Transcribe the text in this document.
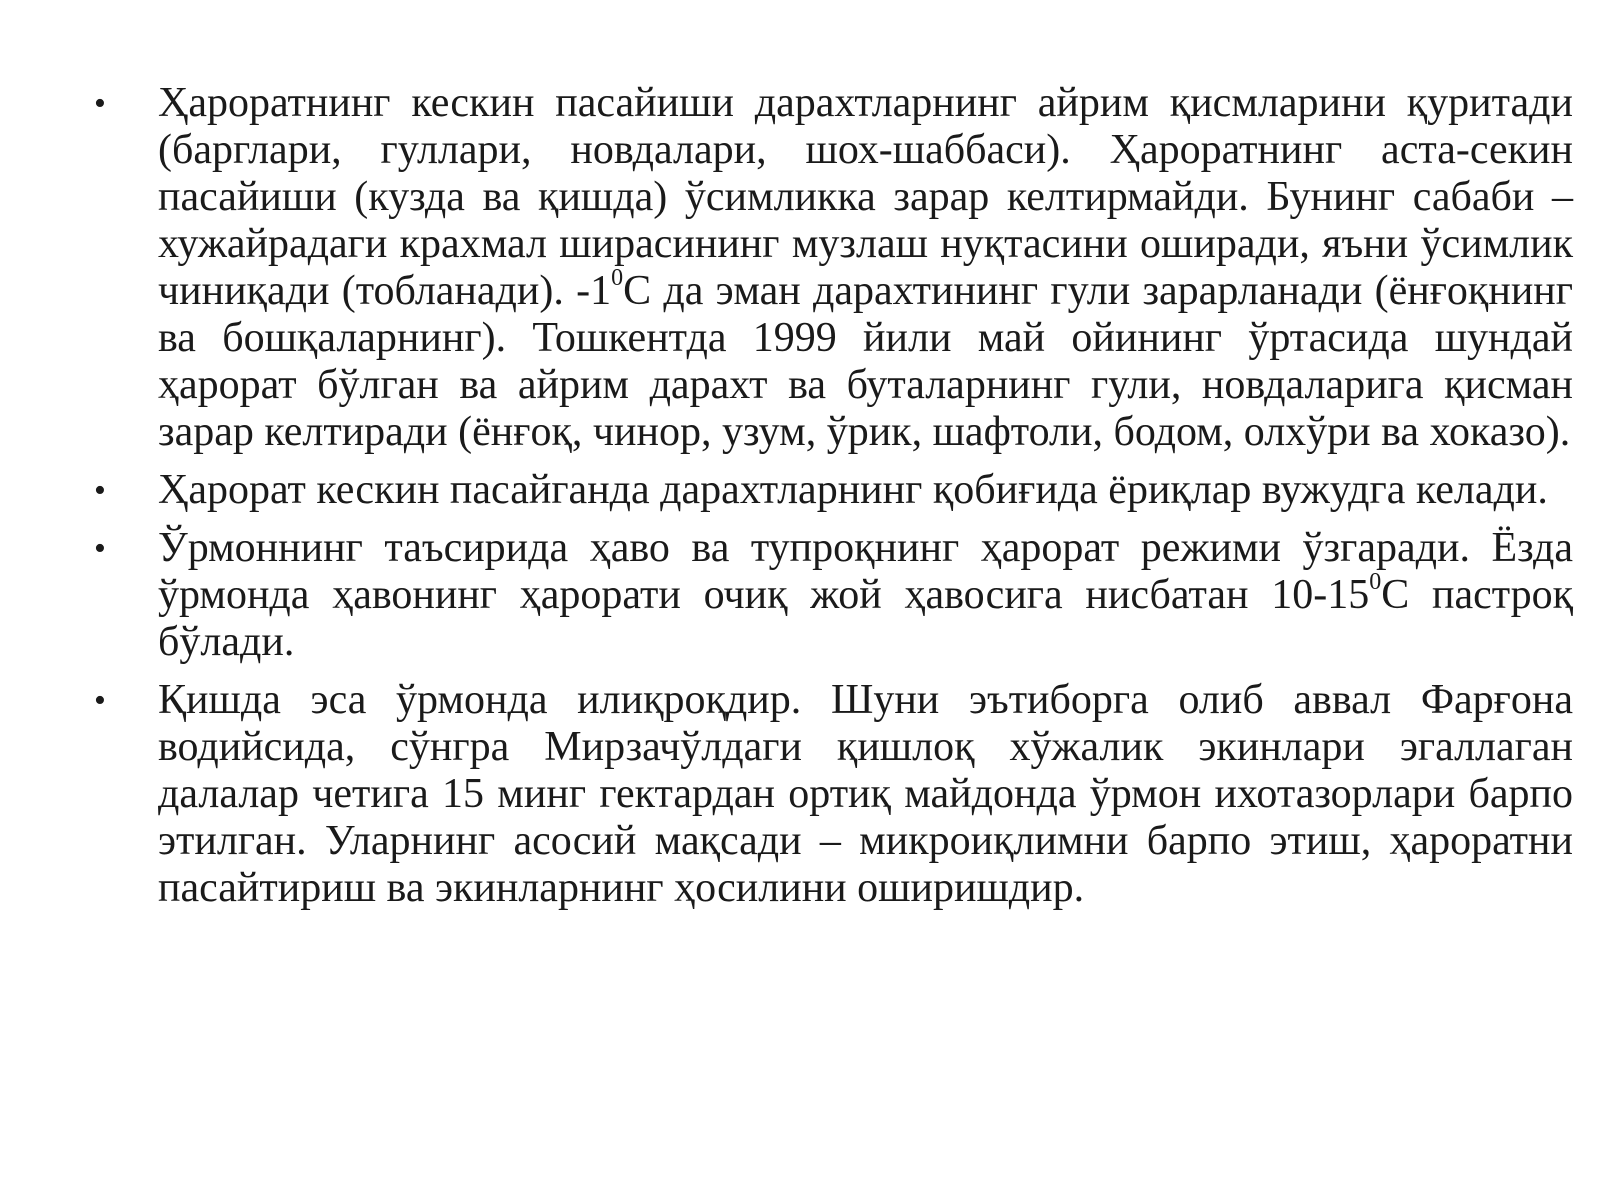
•	Ҳароратнинг кескин пасайиши дарахтларнинг айрим қисмларини қуритади (барглари, гуллари, новдалари, шох-шаббаси). Ҳароратнинг аста-секин пасайиши (кузда ва қишда) ўсимликка зарар келтирмайди. Бунинг сабаби – хужайрадаги крахмал ширасининг музлаш нуқтасини оширади, яъни ўсимлик чиниқади (тобланади). $-1^0С$ да эман дарахтининг гули зарарланади (ёнғоқнинг ва бошқаларнинг). Тошкентда 1999 йили май ойининг ўртасида шундай ҳарорат бўлган ва айрим дарахт ва буталарнинг гули, новдаларига қисман зарар келтиради (ёнғоқ, чинор, узум, ўрик, шафтоли, бодом, олхўри ва хоказо).
•	Ҳарорат кескин пасайганда дарахтларнинг қобиғида ёриқлар вужудга келади.
•	Ўрмоннинг таъсирида ҳаво ва тупроқнинг ҳарорат режими ўзгаради. Ёзда ўрмонда ҳавонинг ҳарорати очиқ жой ҳавосига нисбатан $10-15^0С$ пастроқ бўлади.
•	Қишда эса ўрмонда илиқроқдир. Шуни эътиборга олиб аввал Фарғона водийсида, сўнгра Мирзачўлдаги қишлоқ хўжалик экинлари эгаллаган далалар четига 15 минг гектардан ортиқ майдонда ўрмон ихотазорлари барпо этилган. Уларнинг асосий мақсади – микроиқлимни барпо этиш, ҳароратни пасайтириш ва экинларнинг ҳосилини оширишдир.
